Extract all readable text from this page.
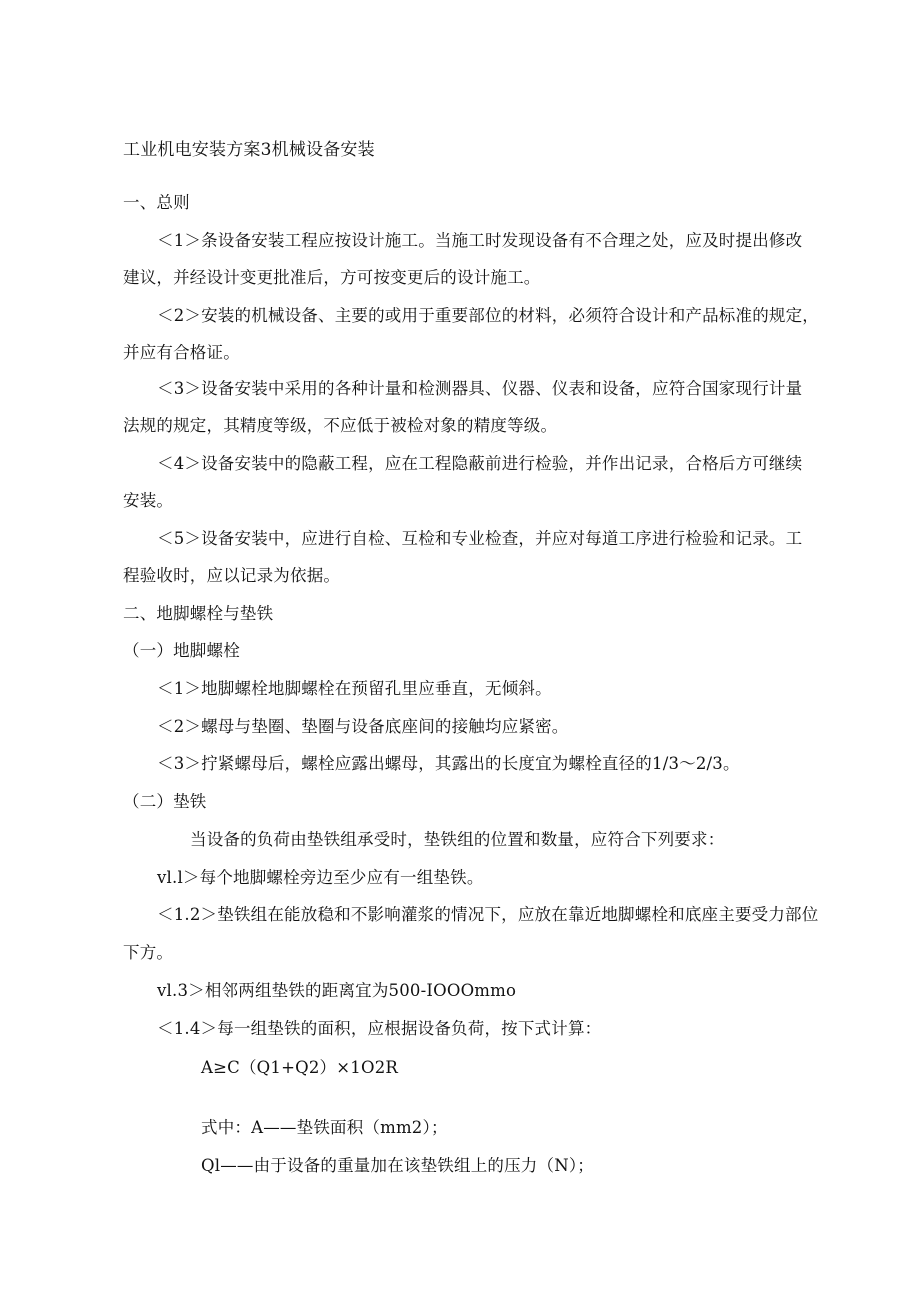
工业机电安装方案3机械设备安装
一、总则
＜1＞条设备安装工程应按设计施工。当施工时发现设备有不合理之处，应及时提出修改
建议，并经设计变更批准后，方可按变更后的设计施工。
＜2＞安装的机械设备、主要的或用于重要部位的材料，必须符合设计和产品标准的规定，
并应有合格证。
＜3＞设备安装中采用的各种计量和检测器具、仪器、仪表和设备，应符合国家现行计量
法规的规定，其精度等级，不应低于被检对象的精度等级。
＜4＞设备安装中的隐蔽工程，应在工程隐蔽前进行检验，并作出记录，合格后方可继续
安装。
＜5＞设备安装中，应进行自检、互检和专业检查，并应对每道工序进行检验和记录。工
程验收时，应以记录为依据。
二、地脚螺栓与垫铁
（一）地脚螺栓
＜1＞地脚螺栓地脚螺栓在预留孔里应垂直，无倾斜。
＜2＞螺母与垫圈、垫圈与设备底座间的接触均应紧密。
＜3＞拧紧螺母后，螺栓应露出螺母，其露出的长度宜为螺栓直径的1/3～2/3。
（二）垫铁
当设备的负荷由垫铁组承受时，垫铁组的位置和数量，应符合下列要求：
vl.l＞每个地脚螺栓旁边至少应有一组垫铁。
＜1.2＞垫铁组在能放稳和不影响灌浆的情况下，应放在靠近地脚螺栓和底座主要受力部位
下方。
vl.3＞相邻两组垫铁的距离宜为500-IOOOmmo
＜1.4＞每一组垫铁的面积，应根据设备负荷，按下式计算：
A≥C（Q1+Q2）×1O2R
式中：A——垫铁面积（mm2）；
Ql——由于设备的重量加在该垫铁组上的压力（N）；
